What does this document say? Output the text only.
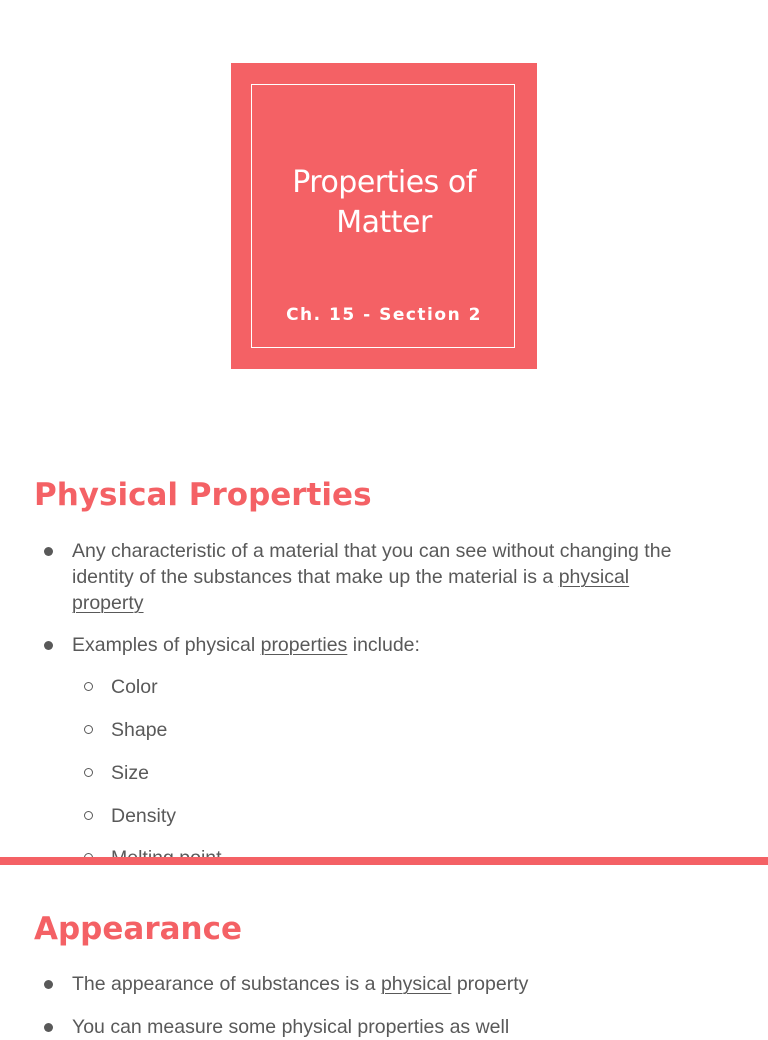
Properties of
Matter

Ch. 15 - Section 2

Physical Properties

Any characteristic of a material that you can see without changing the
identity of the substances that make up the material is a physical
property

Examples of physical properties include:

Color

Shape

Size

Density

Appearance

The appearance of substances is a physical property

You can measure some physical properties as well
